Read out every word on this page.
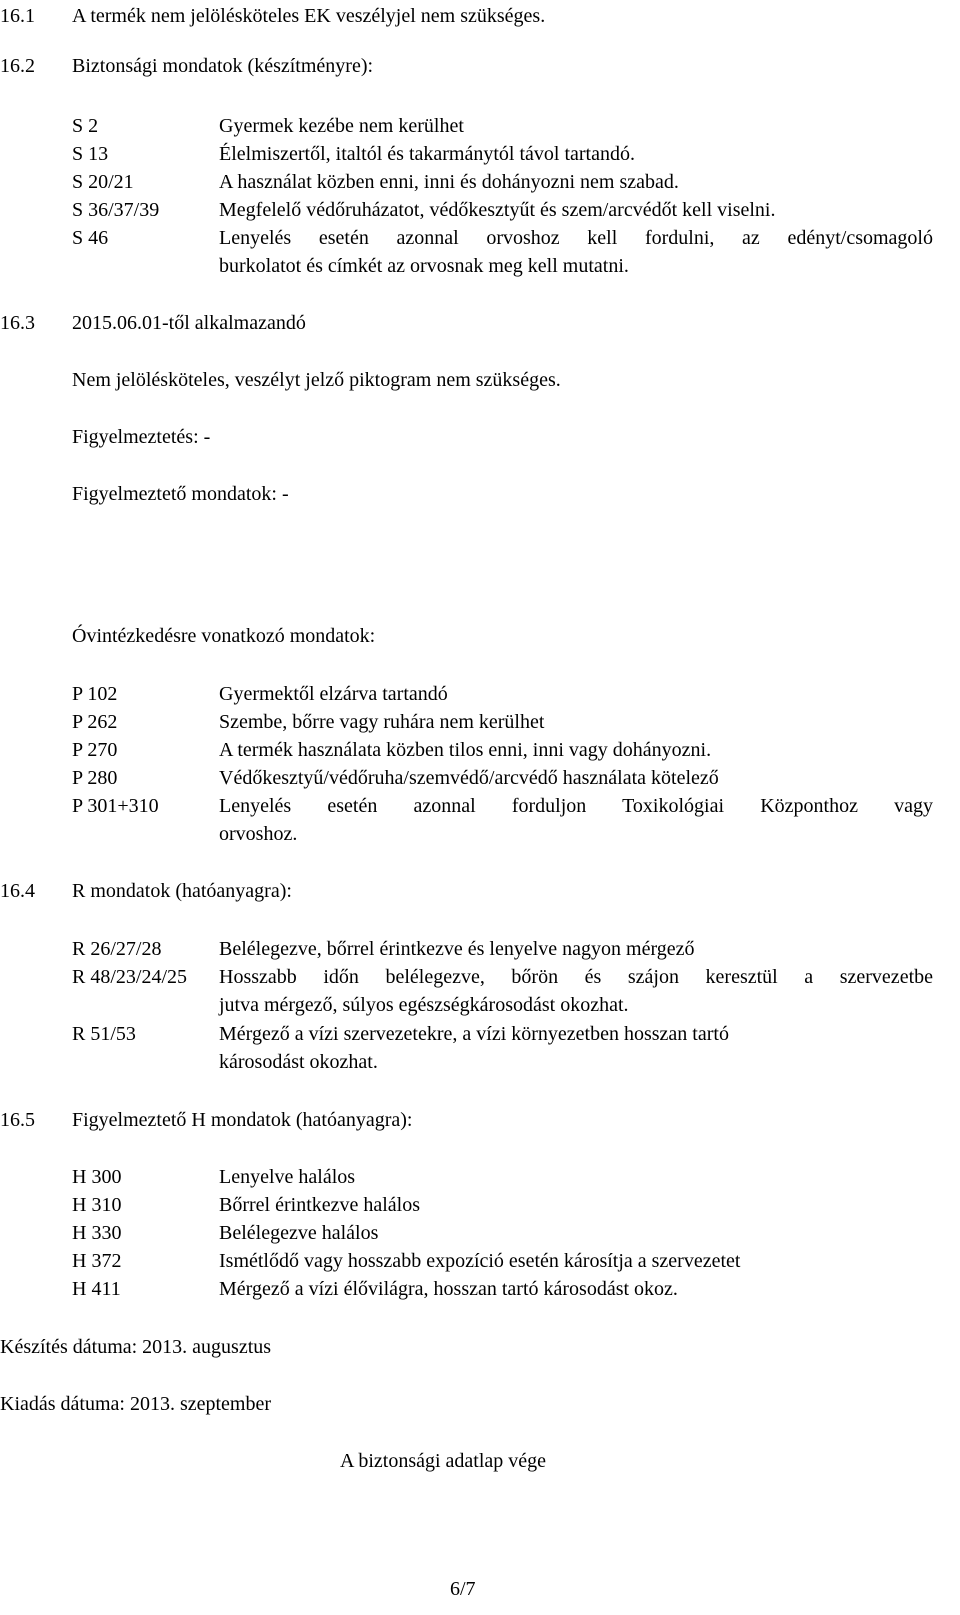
16.1 A termék nem jelölésköteles EK veszélyjel nem szükséges.
16.2 Biztonsági mondatok (készítményre):
S 2	Gyermek kezébe nem kerülhet
S 13	Élelmiszertől, italtól és takarmánytól távol tartandó.
S 20/21	A használat közben enni, inni és dohányozni nem szabad.
S 36/37/39	Megfelelő védőruházatot, védőkesztyűt és szem/arcvédőt kell viselni.
S 46	Lenyelés esetén azonnal orvoshoz kell fordulni, az edényt/csomagoló
burkolatot és címkét az orvosnak meg kell mutatni.
16.3 2015.06.01-től alkalmazandó
Nem jelölésköteles, veszélyt jelző piktogram nem szükséges.
Figyelmeztetés: -
Figyelmeztető mondatok: -
Óvintézkedésre vonatkozó mondatok:
P 102	Gyermektől elzárva tartandó
P 262	Szembe, bőrre vagy ruhára nem kerülhet
P 270	A termék használata közben tilos enni, inni vagy dohányozni.
P 280	Védőkesztyű/védőruha/szemvédő/arcvédő használata kötelező
P 301+310	Lenyelés esetén azonnal forduljon Toxikológiai Központhoz vagy
orvoshoz.
16.4 R mondatok (hatóanyagra):
R 26/27/28	Belélegezve, bőrrel érintkezve és lenyelve nagyon mérgező
R 48/23/24/25 Hosszabb időn belélegezve, bőrön és szájon keresztül a szervezetbe
jutva mérgező, súlyos egészségkárosodást okozhat.
R 51/53	Mérgező a vízi szervezetekre, a vízi környezetben hosszan tartó
károsodást okozhat.
16.5 Figyelmeztető H mondatok (hatóanyagra):
H 300	Lenyelve halálos
H 310	Bőrrel érintkezve halálos
H 330	Belélegezve halálos
H 372	Ismétlődő vagy hosszabb expozíció esetén károsítja a szervezetet
H 411	Mérgező a vízi élővilágra, hosszan tartó károsodást okoz.
Készítés dátuma: 2013. augusztus
Kiadás dátuma: 2013. szeptember
A biztonsági adatlap vége
6/7
